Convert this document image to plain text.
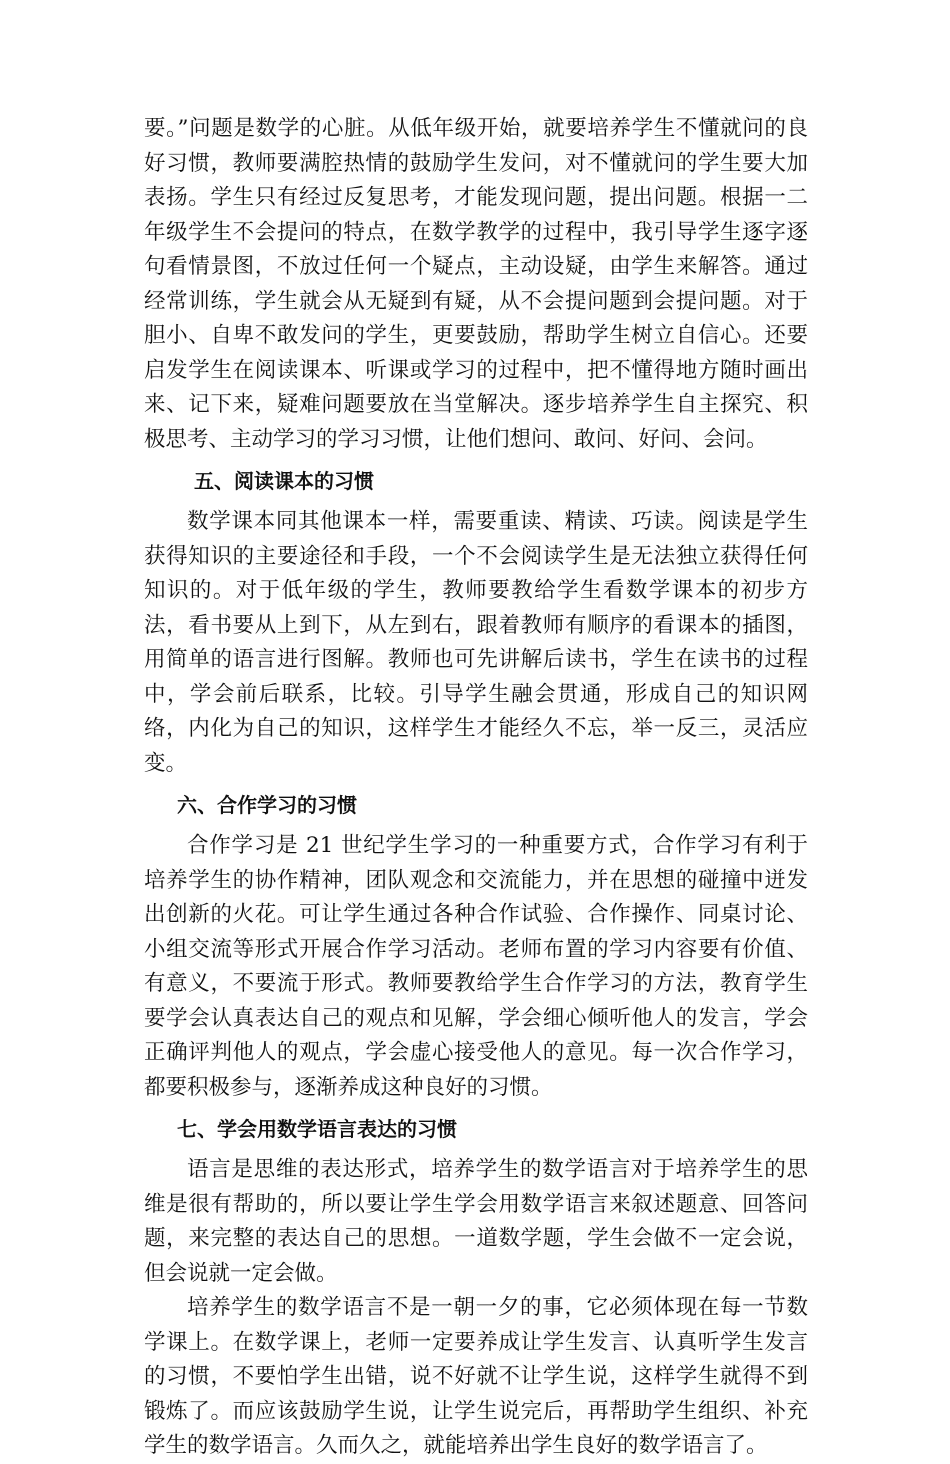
要。”问题是数学的心脏。从低年级开始，就要培养学生不懂就问的良好习惯，教师要满腔热情的鼓励学生发问，对不懂就问的学生要大加表扬。学生只有经过反复思考，才能发现问题，提出问题。根据一二年级学生不会提问的特点，在数学教学的过程中，我引导学生逐字逐句看情景图，不放过任何一个疑点，主动设疑，由学生来解答。通过经常训练，学生就会从无疑到有疑，从不会提问题到会提问题。对于胆小、自卑不敢发问的学生，更要鼓励，帮助学生树立自信心。还要启发学生在阅读课本、听课或学习的过程中，把不懂得地方随时画出来、记下来，疑难问题要放在当堂解决。逐步培养学生自主探究、积极思考、主动学习的学习习惯，让他们想问、敢问、好问、会问。

五、阅读课本的习惯

数学课本同其他课本一样，需要重读、精读、巧读。阅读是学生获得知识的主要途径和手段，一个不会阅读学生是无法独立获得任何知识的。对于低年级的学生，教师要教给学生看数学课本的初步方法，看书要从上到下，从左到右，跟着教师有顺序的看课本的插图，用简单的语言进行图解。教师也可先讲解后读书，学生在读书的过程中，学会前后联系，比较。引导学生融会贯通，形成自己的知识网络，内化为自己的知识，这样学生才能经久不忘，举一反三，灵活应变。

六、合作学习的习惯

合作学习是 21 世纪学生学习的一种重要方式，合作学习有利于培养学生的协作精神，团队观念和交流能力，并在思想的碰撞中迸发出创新的火花。可让学生通过各种合作试验、合作操作、同桌讨论、小组交流等形式开展合作学习活动。老师布置的学习内容要有价值、有意义，不要流于形式。教师要教给学生合作学习的方法，教育学生要学会认真表达自己的观点和见解，学会细心倾听他人的发言，学会正确评判他人的观点，学会虚心接受他人的意见。每一次合作学习，都要积极参与，逐渐养成这种良好的习惯。

七、学会用数学语言表达的习惯

语言是思维的表达形式，培养学生的数学语言对于培养学生的思维是很有帮助的，所以要让学生学会用数学语言来叙述题意、回答问题，来完整的表达自己的思想。一道数学题，学生会做不一定会说，但会说就一定会做。

培养学生的数学语言不是一朝一夕的事，它必须体现在每一节数学课上。在数学课上，老师一定要养成让学生发言、认真听学生发言的习惯，不要怕学生出错，说不好就不让学生说，这样学生就得不到锻炼了。而应该鼓励学生说，让学生说完后，再帮助学生组织、补充学生的数学语言。久而久之，就能培养出学生良好的数学语言了。
